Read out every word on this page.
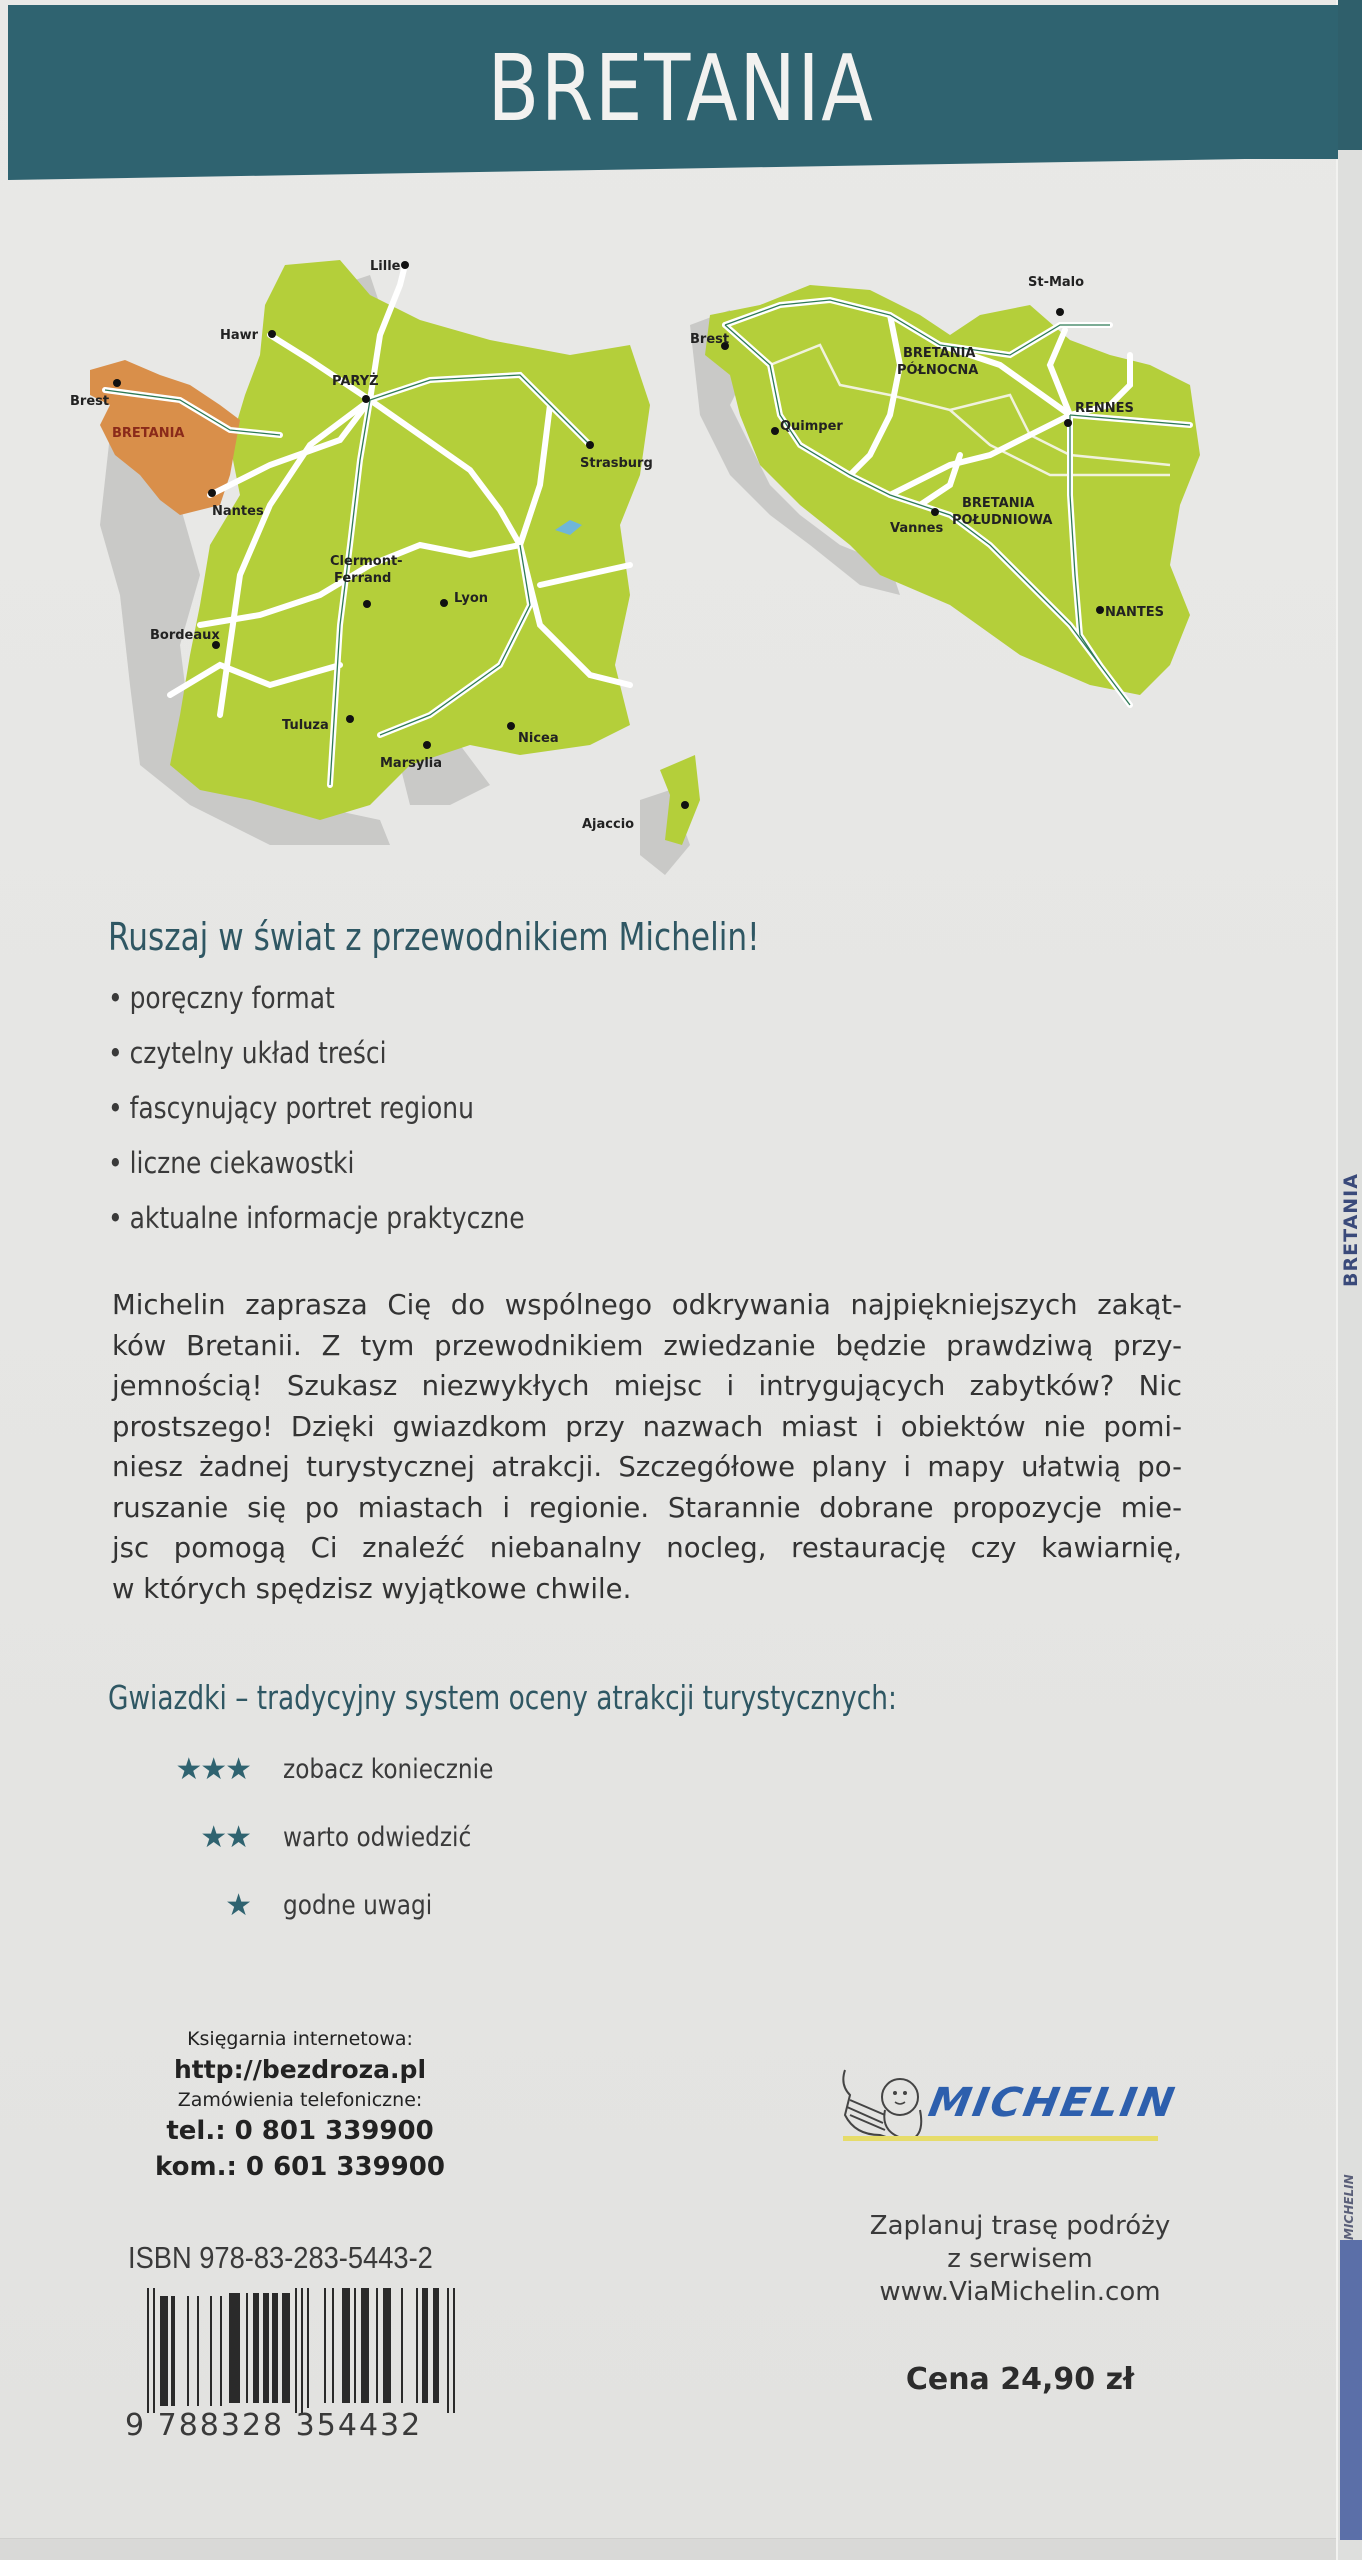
BRETANIA
MICHELIN
BRETANIA
Lille
Hawr
PARYŻ
Brest
BRETANIA
Nantes
Strasburg
Clermont-
Ferrand
Lyon
Bordeaux
Tuluza
Marsylia
Nicea
Ajaccio
St-Malo
Brest
Quimper
RENNES
Vannes
NANTES
BRETANIA
PÓŁNOCNA
BRETANIA
POŁUDNIOWA
Ruszaj w świat z przewodnikiem Michelin!
• poręczny format
• czytelny układ treści
• fascynujący portret regionu
• liczne ciekawostki
• aktualne informacje praktyczne
Michelin zaprasza Cię do wspólnego odkrywania najpiękniejszych zakąt-
ków Bretanii. Z tym przewodnikiem zwiedzanie będzie prawdziwą przy-
jemnością! Szukasz niezwykłych miejsc i intrygujących zabytków? Nic
prostszego! Dzięki gwiazdkom przy nazwach miast i obiektów nie pomi-
niesz żadnej turystycznej atrakcji. Szczegółowe plany i mapy ułatwią po-
ruszanie się po miastach i regionie. Starannie dobrane propozycje mie-
jsc pomogą Ci znaleźć niebanalny nocleg, restaurację czy kawiarnię,
w których spędzisz wyjątkowe chwile.
Gwiazdki – tradycyjny system oceny atrakcji turystycznych:
★★★ zobacz koniecznie
★★ warto odwiedzić
★ godne uwagi
Księgarnia internetowa:
http://bezdroza.pl
Zamówienia telefoniczne:
tel.: 0 801 339900
kom.: 0 601 339900
ISBN 978-83-283-5443-2
9 788328 354432
MICHELIN
Zaplanuj trasę podróży
z serwisem
www.ViaMichelin.com
Cena 24,90 zł
